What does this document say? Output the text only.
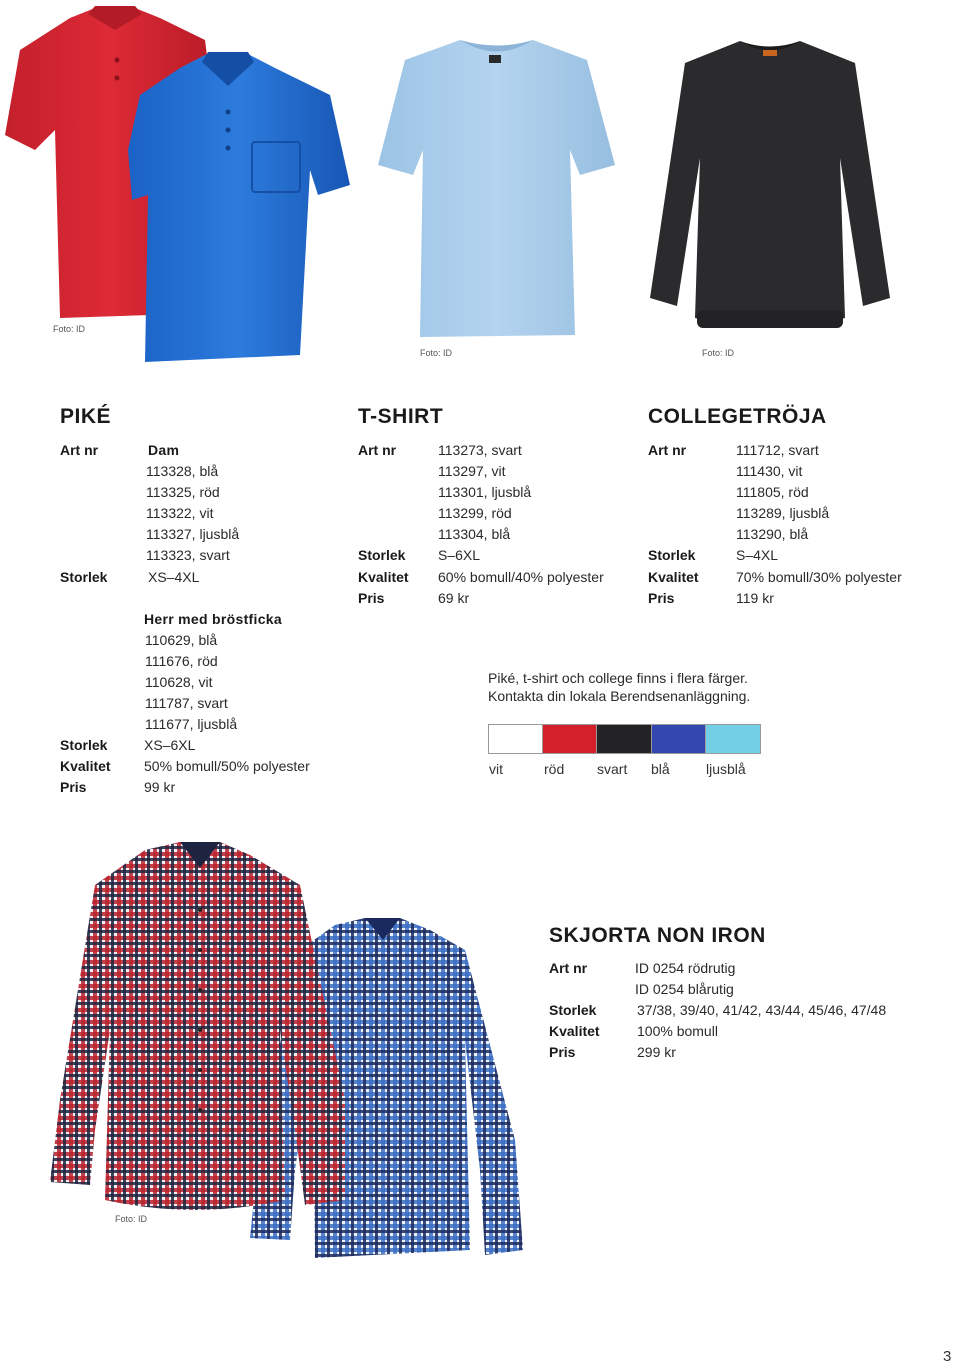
Foto: ID
Foto: ID	Foto: ID
PIKÉ
Art nr	Dam
113328, blå
113325, röd
113322, vit
113327, ljusblå
113323, svart
Storlek	XS–4XL
Herr med bröstficka
110629, blå
111676, röd
110628, vit
111787, svart
111677, ljusblå
Storlek	XS–6XL
Kvalitet	50% bomull/50% polyester
Pris	99 kr
T-SHIRT
Art nr	113273, svart
113297, vit
113301, ljusblå
113299, röd
113304, blå
Storlek	S–6XL
Kvalitet	60% bomull/40% polyester
Pris	69 kr
COLLEGETRÖJA
Art nr	111712, svart
111430, vit
111805, röd
113289, ljusblå
113290, blå
Storlek	S–4XL
Kvalitet	70% bomull/30% polyester
Pris	119 kr
Piké, t-shirt och college finns i flera färger.
Kontakta din lokala Berendsenanläggning.
vit	röd svart blå	ljusblå
Foto: ID
SKJORTA NON IRON
Art nr	ID 0254 rödrutig
ID 0254 blårutig
Storlek	37/38, 39/40, 41/42, 43/44, 45/46, 47/48
Kvalitet	100% bomull
Pris	299 kr
3
